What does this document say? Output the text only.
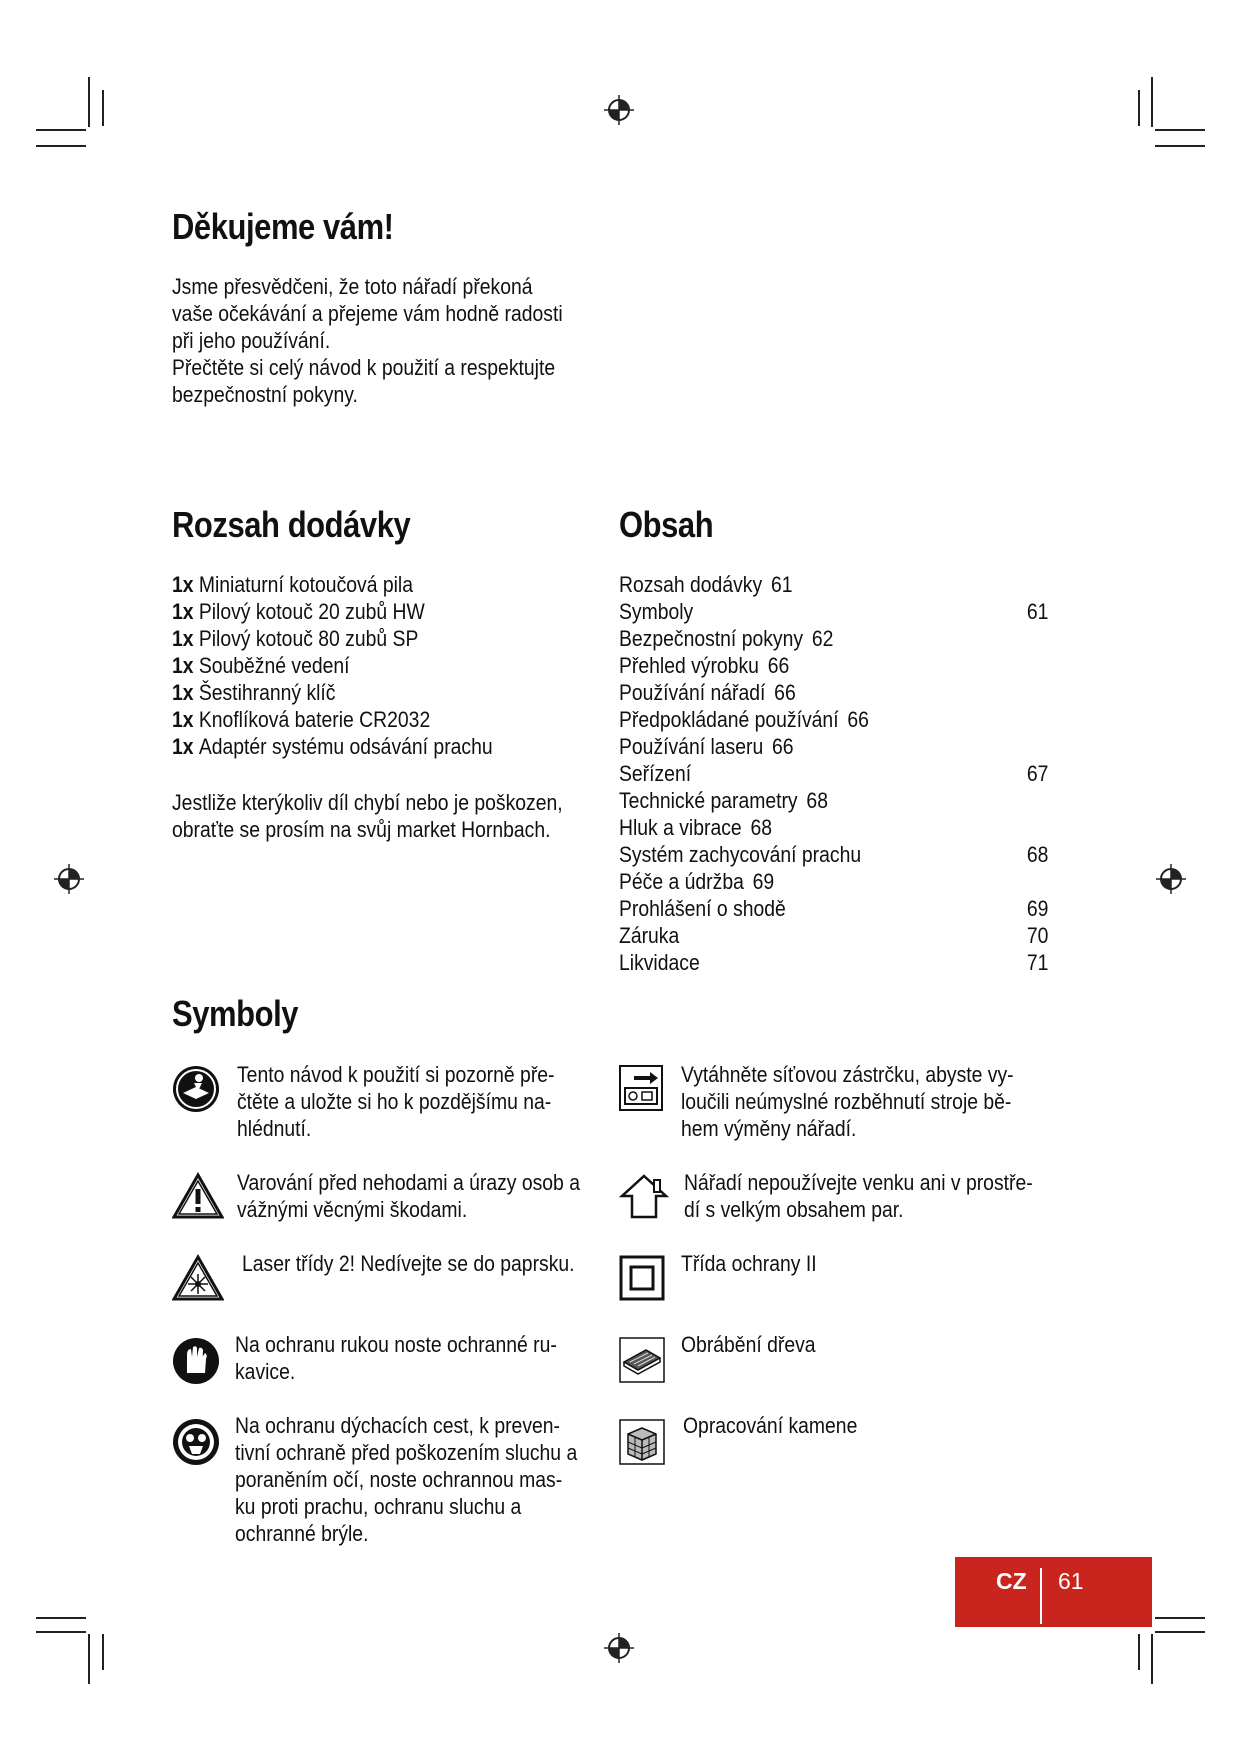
Děkujeme vám!
Jsme přesvědčeni, že toto nářadí překoná
vaše očekávání a přejeme vám hodně radosti
při jeho používání.
Přečtěte si celý návod k použití a respektujte
bezpečnostní pokyny.
Rozsah dodávky
1x Miniaturní kotoučová pila
1x Pilový kotouč 20 zubů HW
1x Pilový kotouč 80 zubů SP
1x Souběžné vedení
1x Šestihranný klíč
1x Knoflíková baterie CR2032
1x Adaptér systému odsávání prachu
Jestliže kterýkoliv díl chybí nebo je poškozen,
obraťte se prosím na svůj market Hornbach.
Obsah
Rozsah dodávky 61
Symboly	61
Bezpečnostní pokyny 62
Přehled výrobku 66
Používání nářadí 66
Předpokládané používání 66
Používání laseru 66
Seřízení	67
Technické parametry 68
Hluk a vibrace 68
Systém zachycování prachu	68
Péče a údržba 69
Prohlášení o shodě	69
Záruka	70
Likvidace	71
Symboly
Tento návod k použití si pozorně pře-
čtěte a uložte si ho k pozdějšímu na-
hlédnutí.
Varování před nehodami a úrazy osob a
vážnými věcnými škodami.
Laser třídy 2! Nedívejte se do paprsku.
Na ochranu rukou noste ochranné ru-
kavice.
Na ochranu dýchacích cest, k preven-
tivní ochraně před poškozením sluchu a
poraněním očí, noste ochrannou mas-
ku proti prachu, ochranu sluchu a
ochranné brýle.
Vytáhněte síťovou zástrčku, abyste vy-
loučili neúmyslné rozběhnutí stroje bě-
hem výměny nářadí.
Nářadí nepoužívejte venku ani v prostře-
dí s velkým obsahem par.
Třída ochrany II
Obrábění dřeva
Opracování kamene
CZ 61
